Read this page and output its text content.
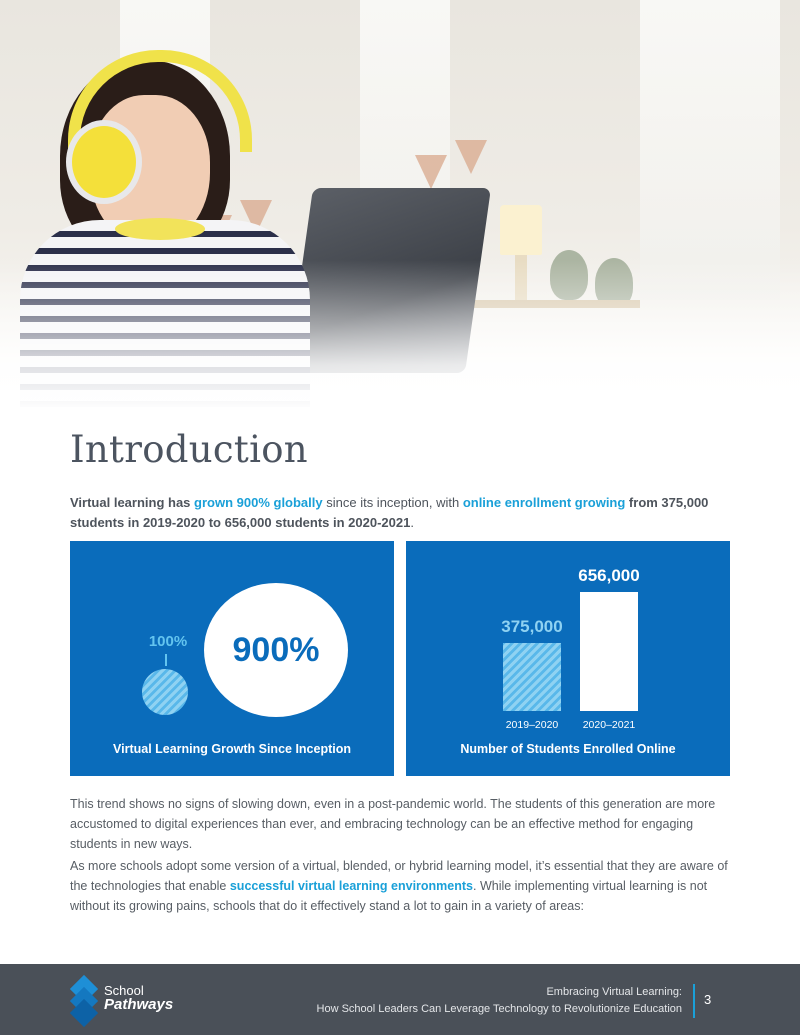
Introduction

Virtual learning has grown 900% globally since its inception, with online enrollment growing from 375,000 students in 2019-2020 to 656,000 students in 2020-2021.

100% 900%
Virtual Learning Growth Since Inception
375,000
2019–2020
656,000
2020–2021
Number of Students Enrolled Online

This trend shows no signs of slowing down, even in a post-pandemic world. The students of this generation are more accustomed to digital experiences than ever, and embracing technology can be an effective method for engaging students in new ways.

As more schools adopt some version of a virtual, blended, or hybrid learning model, it’s essential that they are aware of the technologies that enable successful virtual learning environments. While implementing virtual learning is not without its growing pains, schools that do it effectively stand a lot to gain in a variety of areas:

School
Pathways
Embracing Virtual Learning:
How School Leaders Can Leverage Technology to Revolutionize Education
3
